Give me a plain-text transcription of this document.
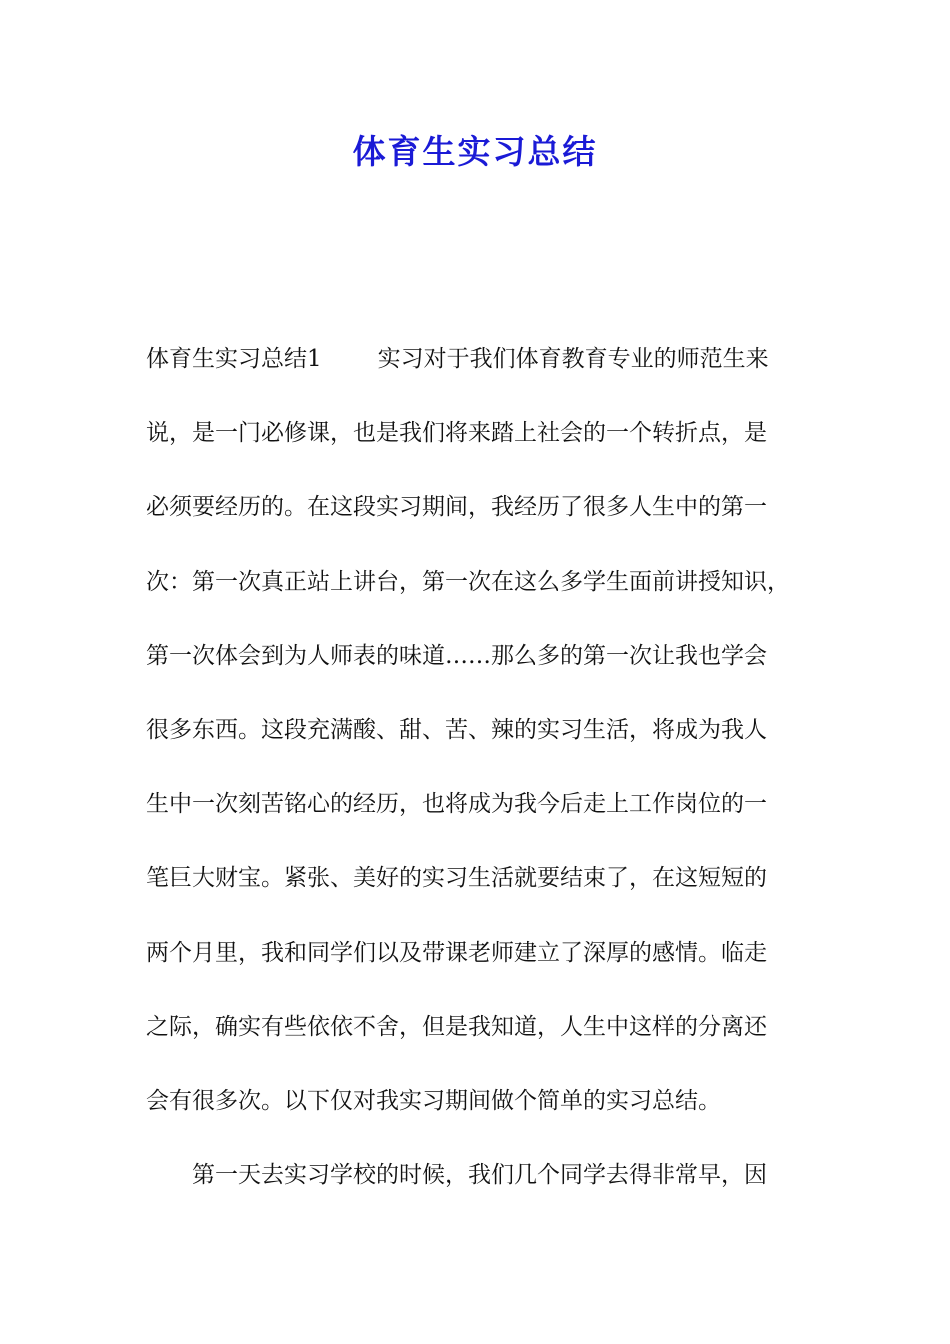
体育生实习总结
体育生实习总结1 实习对于我们体育教育专业的师范生来
说，是一门必修课，也是我们将来踏上社会的一个转折点，是
必须要经历的。在这段实习期间，我经历了很多人生中的第一
次：第一次真正站上讲台，第一次在这么多学生面前讲授知识，
第一次体会到为人师表的味道……那么多的第一次让我也学会
很多东西。这段充满酸、甜、苦、辣的实习生活，将成为我人
生中一次刻苦铭心的经历，也将成为我今后走上工作岗位的一
笔巨大财宝。紧张、美好的实习生活就要结束了，在这短短的
两个月里，我和同学们以及带课老师建立了深厚的感情。临走
之际，确实有些依依不舍，但是我知道，人生中这样的分离还
会有很多次。以下仅对我实习期间做个简单的实习总结。
第一天去实习学校的时候，我们几个同学去得非常早，因
